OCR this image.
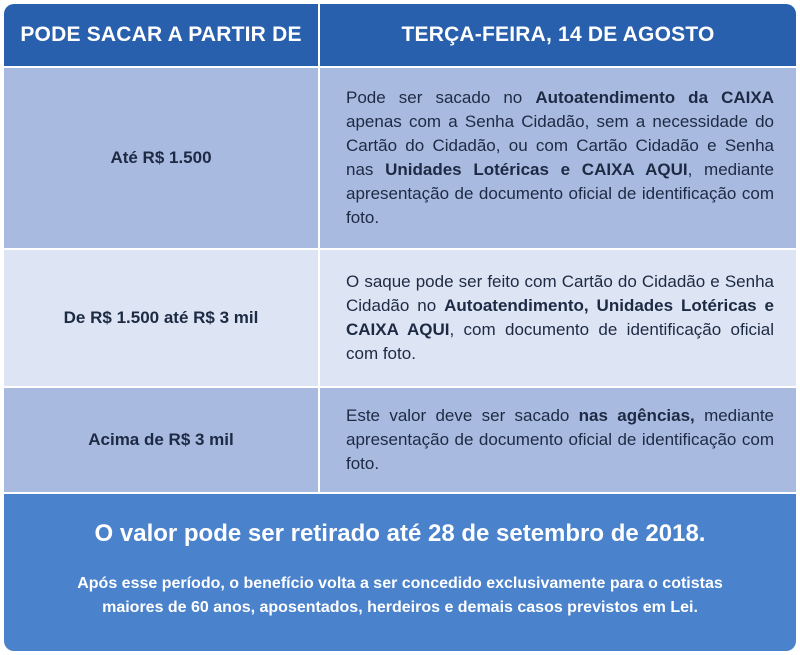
PODE SACAR A PARTIR DE	TERÇA-FEIRA, 14 DE AGOSTO
Até R$ 1.500

Pode ser sacado no Autoatendimento da CAIXA apenas com a Senha Cidadão, sem a necessidade do Cartão do Cidadão, ou com Cartão Cidadão e Senha nas Unidades Lotéricas e CAIXA AQUI, mediante apresentação de documento oficial de identificação com foto.

De R$ 1.500 até R$ 3 mil

O saque pode ser feito com Cartão do Cidadão e Senha Cidadão no Autoatendimento, Unidades Lotéricas e CAIXA AQUI, com documento de identificação oficial com foto.

Acima de R$ 3 mil

Este valor deve ser sacado nas agências, mediante apresentação de documento oficial de identificação com foto.

O valor pode ser retirado até 28 de setembro de 2018.
Após esse período, o benefício volta a ser concedido exclusivamente para o cotistas maiores de 60 anos, aposentados, herdeiros e demais casos previstos em Lei.
